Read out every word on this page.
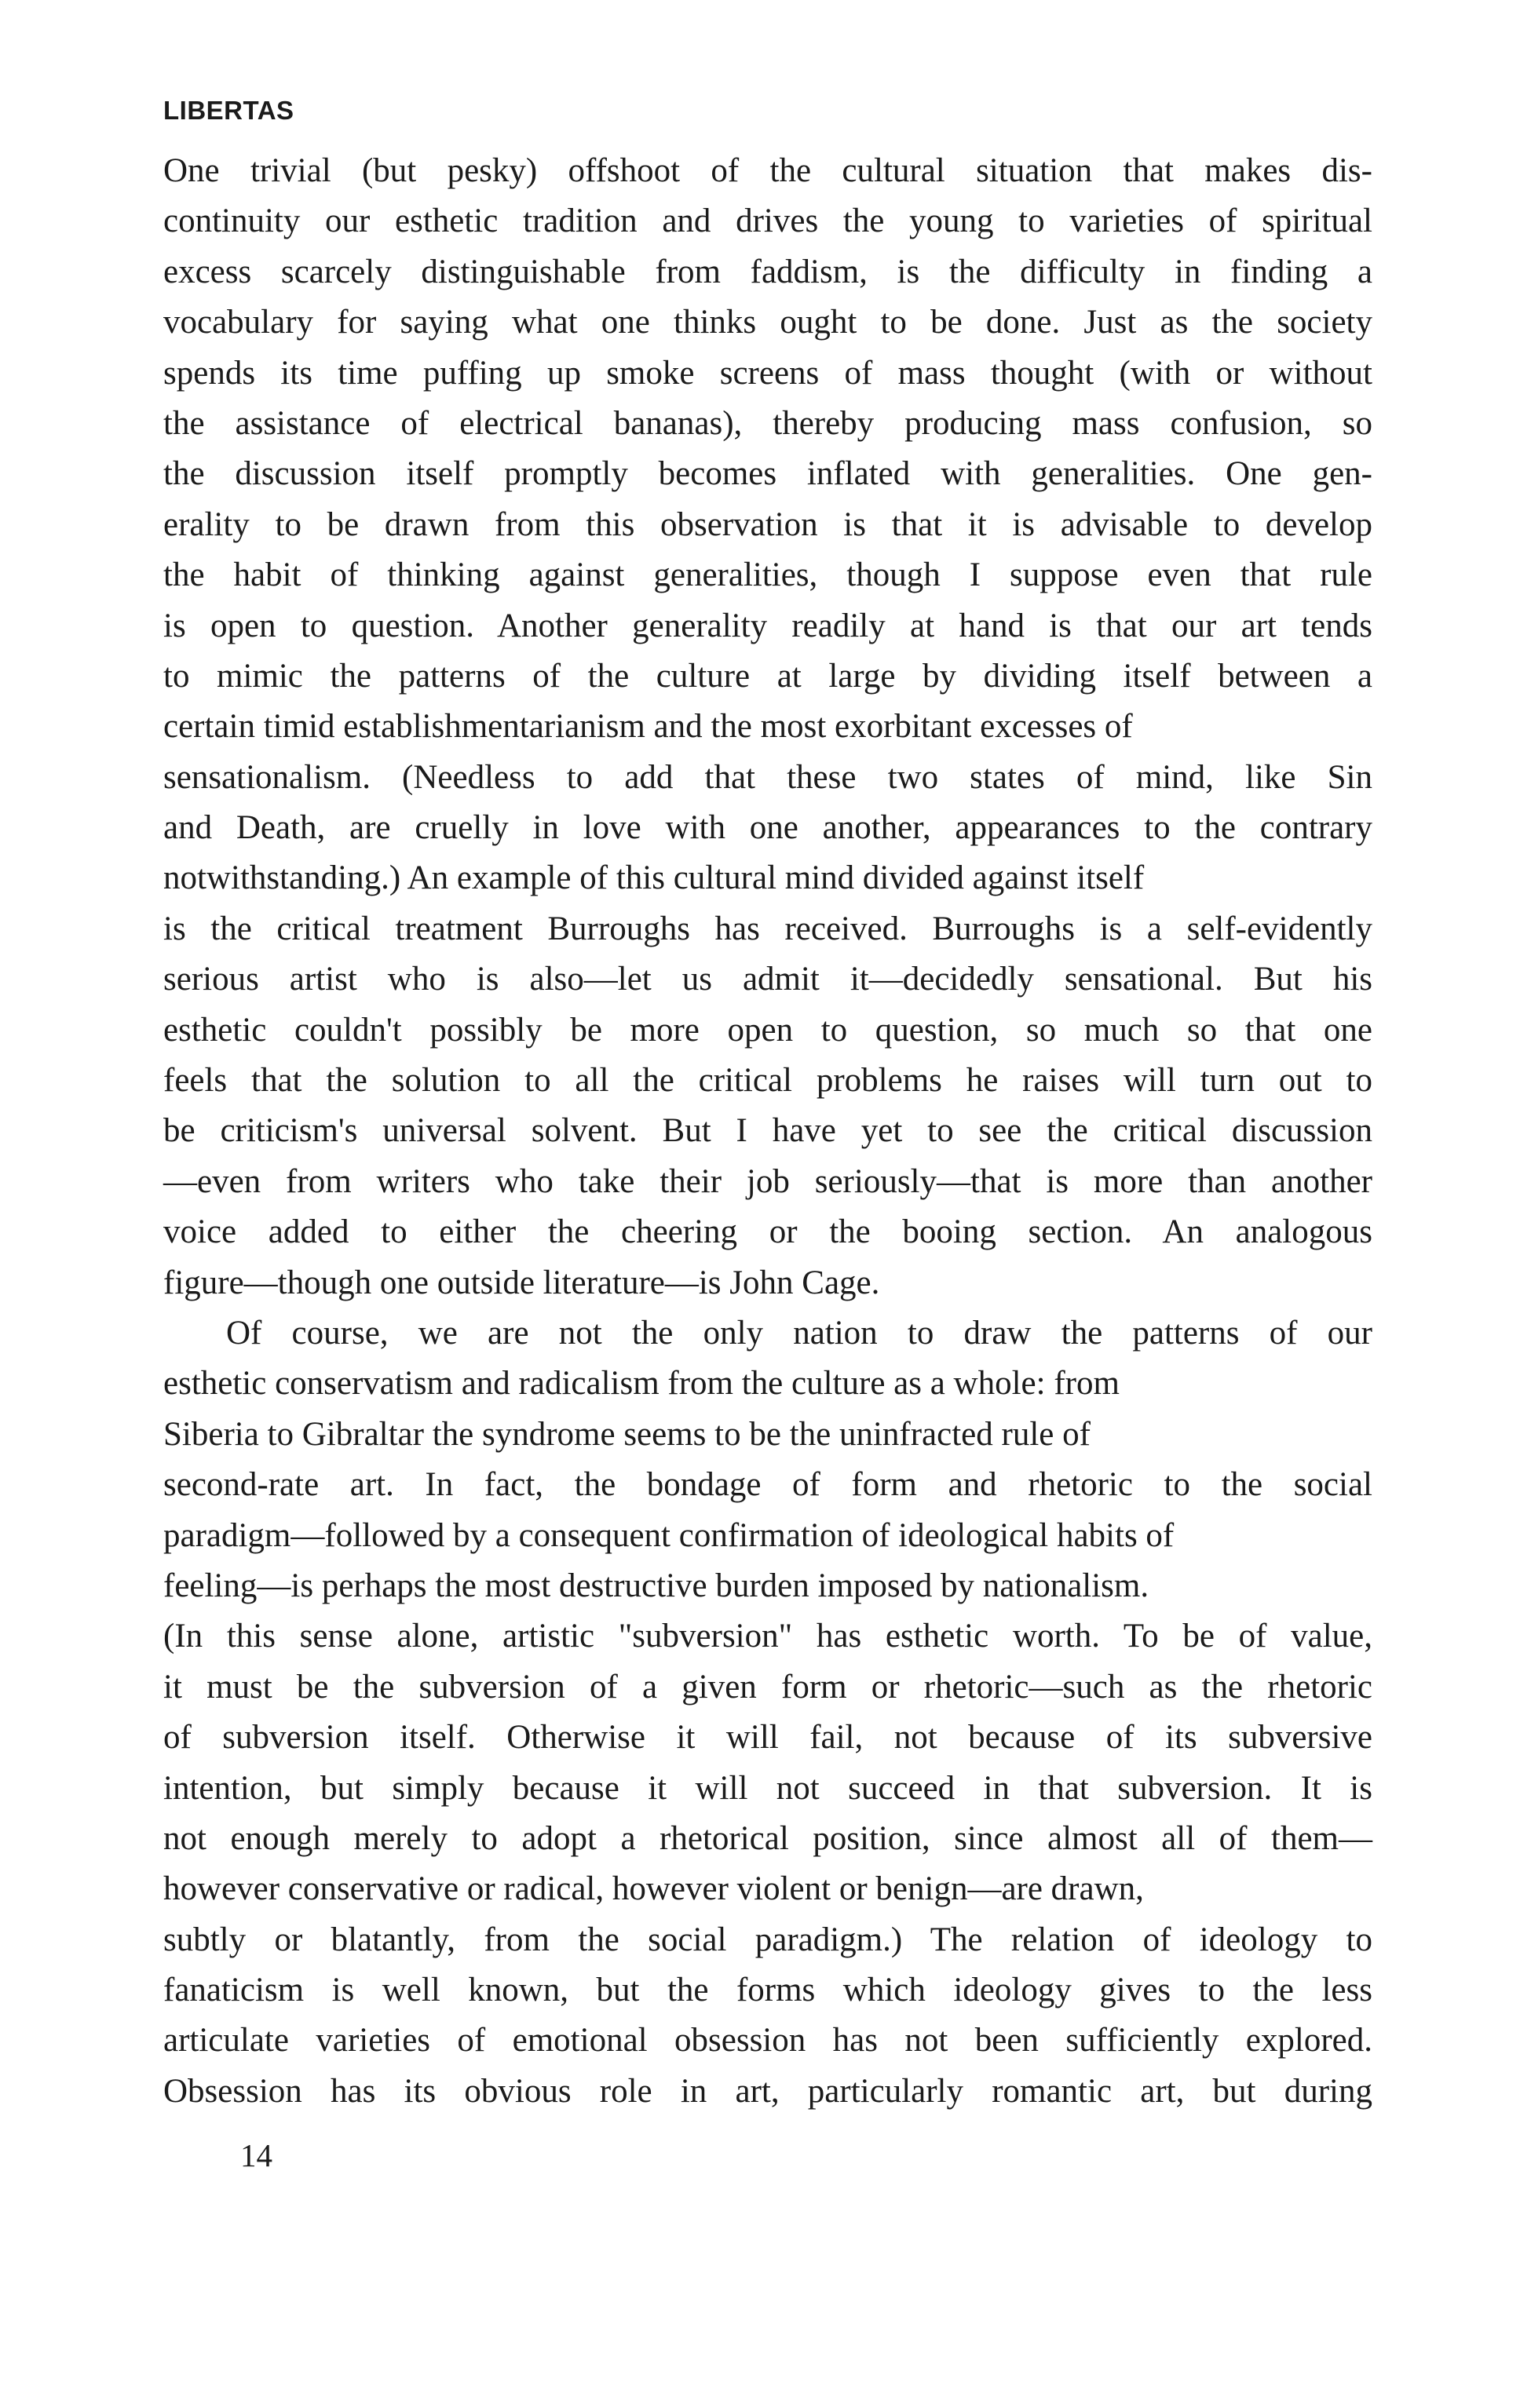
LIBERTAS
One trivial (but pesky) offshoot of the cultural situation that makes dis-
continuity our esthetic tradition and drives the young to varieties of spiritual
excess scarcely distinguishable from faddism, is the difficulty in finding a
vocabulary for saying what one thinks ought to be done. Just as the society
spends its time puffing up smoke screens of mass thought (with or without
the assistance of electrical bananas), thereby producing mass confusion, so
the discussion itself promptly becomes inflated with generalities. One gen-
erality to be drawn from this observation is that it is advisable to develop
the habit of thinking against generalities, though I suppose even that rule
is open to question. Another generality readily at hand is that our art tends
to mimic the patterns of the culture at large by dividing itself between a
certain timid establishmentarianism and the most exorbitant excesses of
sensationalism. (Needless to add that these two states of mind, like Sin
and Death, are cruelly in love with one another, appearances to the contrary
notwithstanding.) An example of this cultural mind divided against itself
is the critical treatment Burroughs has received. Burroughs is a self-evidently
serious artist who is also—let us admit it—decidedly sensational. But his
esthetic couldn't possibly be more open to question, so much so that one
feels that the solution to all the critical problems he raises will turn out to
be criticism's universal solvent. But I have yet to see the critical discussion
—even from writers who take their job seriously—that is more than another
voice added to either the cheering or the booing section. An analogous
figure—though one outside literature—is John Cage.
Of course, we are not the only nation to draw the patterns of our
esthetic conservatism and radicalism from the culture as a whole: from
Siberia to Gibraltar the syndrome seems to be the uninfracted rule of
second-rate art. In fact, the bondage of form and rhetoric to the social
paradigm—followed by a consequent confirmation of ideological habits of
feeling—is perhaps the most destructive burden imposed by nationalism.
(In this sense alone, artistic "subversion" has esthetic worth. To be of value,
it must be the subversion of a given form or rhetoric—such as the rhetoric
of subversion itself. Otherwise it will fail, not because of its subversive
intention, but simply because it will not succeed in that subversion. It is
not enough merely to adopt a rhetorical position, since almost all of them—
however conservative or radical, however violent or benign—are drawn,
subtly or blatantly, from the social paradigm.) The relation of ideology to
fanaticism is well known, but the forms which ideology gives to the less
articulate varieties of emotional obsession has not been sufficiently explored.
Obsession has its obvious role in art, particularly romantic art, but during

14
